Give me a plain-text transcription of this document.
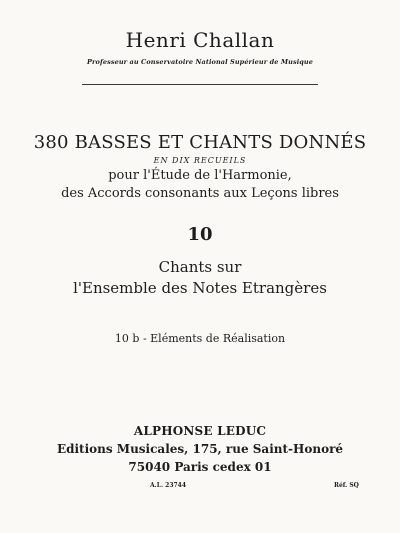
Henri Challan
Professeur au Conservatoire National Supérieur de Musique
380 BASSES ET CHANTS DONNÉS
EN DIX RECUEILS
pour l'Étude de l'Harmonie,
des Accords consonants aux Leçons libres
10
Chants sur
l'Ensemble des Notes Etrangères
10 b - Eléments de Réalisation
ALPHONSE LEDUC
Editions Musicales, 175, rue Saint-Honoré
75040 Paris cedex 01
A.L. 23744	Réf. SQ
